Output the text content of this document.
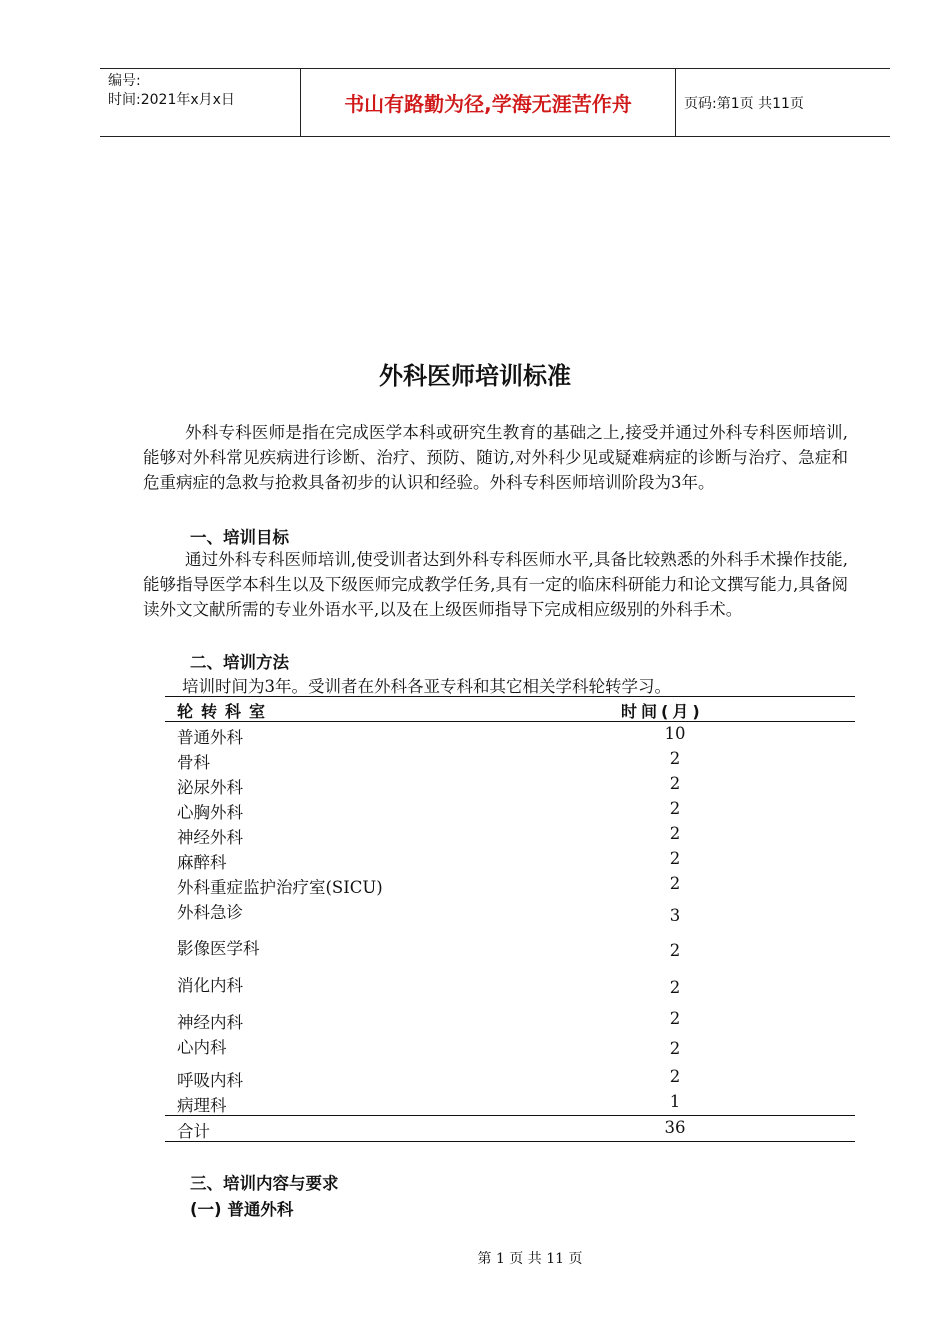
编号:
时间:2021年x月x日	书山有路勤为径,学海无涯苦作舟	页码:第1页 共11页
外科医师培训标准

外科专科医师是指在完成医学本科或研究生教育的基础之上,接受并通过外科专科医师培训,能够对外科常见疾病进行诊断、治疗、预防、随访,对外科少见或疑难病症的诊断与治疗、急症和危重病症的急救与抢救具备初步的认识和经验。外科专科医师培训阶段为3年。

一、培训目标

通过外科专科医师培训,使受训者达到外科专科医师水平,具备比较熟悉的外科手术操作技能,能够指导医学本科生以及下级医师完成教学任务,具有一定的临床科研能力和论文撰写能力,具备阅读外文文献所需的专业外语水平,以及在上级医师指导下完成相应级别的外科手术。

二、培训方法
培训时间为3年。受训者在外科各亚专科和其它相关学科轮转学习。
轮转科室	时间(月)
普通外科	10
骨科	2
泌尿外科	2
心胸外科	2
神经外科	2
麻醉科	2
外科重症监护治疗室(SICU)	2
外科急诊	3
影像医学科	2
消化内科	2
神经内科	2
心内科	2
呼吸内科	2
病理科	1
合计	36
三、培训内容与要求
(一) 普通外科
第 1 页 共 11 页
